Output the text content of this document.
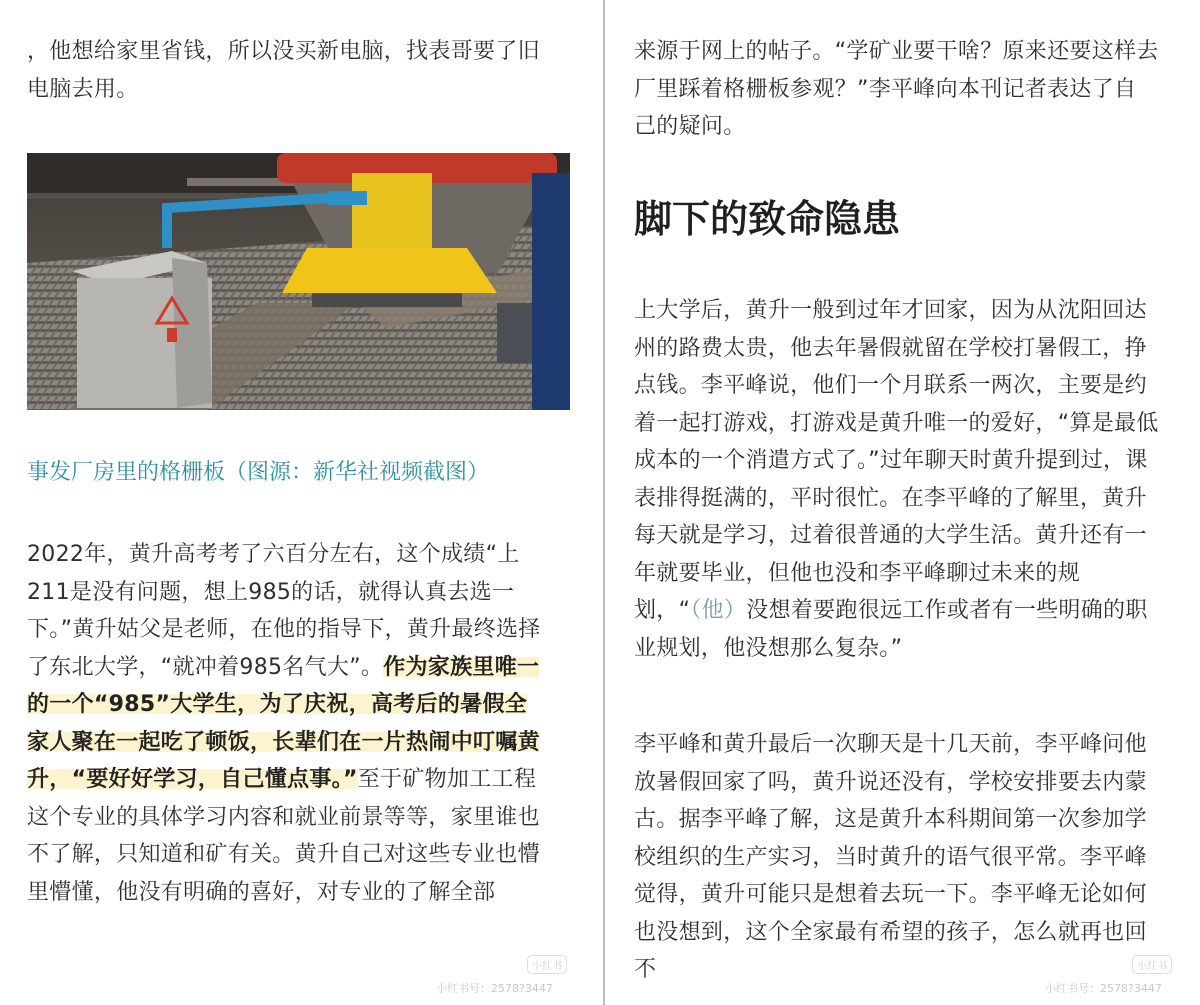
，他想给家里省钱，所以没买新电脑，找表哥要了旧
电脑去用。

事发厂房里的格栅板（图源：新华社视频截图）

2022年，黄升高考考了六百分左右，这个成绩“上
211是没有问题，想上985的话，就得认真去选一
下。”黄升姑父是老师，在他的指导下，黄升最终选择
了东北大学，“就冲着985名气大”。作为家族里唯一
的一个“985”大学生，为了庆祝，高考后的暑假全
家人聚在一起吃了顿饭，长辈们在一片热闹中叮嘱黄
升，“要好好学习，自己懂点事。”至于矿物加工工程
这个专业的具体学习内容和就业前景等等，家里谁也
不了解，只知道和矿有关。黄升自己对这些专业也懵
里懵懂，他没有明确的喜好，对专业的了解全部

小红书
小红书号：2578?3447

来源于网上的帖子。“学矿业要干啥？原来还要这样去
厂里踩着格栅板参观？”李平峰向本刊记者表达了自
己的疑问。

脚下的致命隐患

上大学后，黄升一般到过年才回家，因为从沈阳回达
州的路费太贵，他去年暑假就留在学校打暑假工，挣
点钱。李平峰说，他们一个月联系一两次，主要是约
着一起打游戏，打游戏是黄升唯一的爱好，“算是最低
成本的一个消遣方式了。”过年聊天时黄升提到过，课
表排得挺满的，平时很忙。在李平峰的了解里，黄升
每天就是学习，过着很普通的大学生活。黄升还有一
年就要毕业，但他也没和李平峰聊过未来的规
划，“（他）没想着要跑很远工作或者有一些明确的职
业规划，他没想那么复杂。”

李平峰和黄升最后一次聊天是十几天前，李平峰问他
放暑假回家了吗，黄升说还没有，学校安排要去内蒙
古。据李平峰了解，这是黄升本科期间第一次参加学
校组织的生产实习，当时黄升的语气很平常。李平峰
觉得，黄升可能只是想着去玩一下。李平峰无论如何
也没想到，这个全家最有希望的孩子，怎么就再也回
不	小红书
小红书号：2578?3447
